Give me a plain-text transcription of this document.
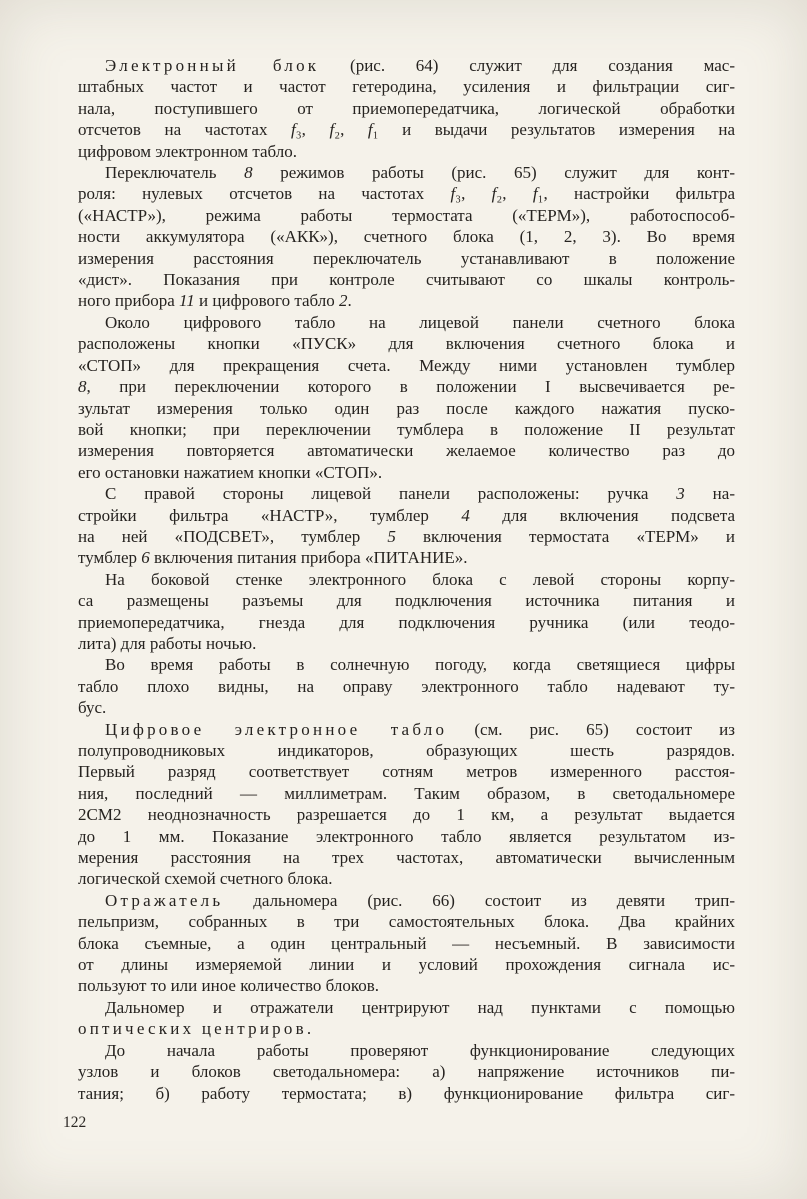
Электронный блок (рис. 64) служит для создания мас-
штабных частот и частот гетеродина, усиления и фильтрации сиг-
нала, поступившего от приемопередатчика, логической обработки
отсчетов на частотах f₃, f₂, f₁ и выдачи результатов измерения на
цифровом электронном табло.
Переключатель 8 режимов работы (рис. 65) служит для конт-
роля: нулевых отсчетов на частотах f₃, f₂, f₁, настройки фильтра
(«НАСТР»), режима работы термостата («ТЕРМ»), работоспособ-
ности аккумулятора («АКК»), счетного блока (1, 2, 3). Во время
измерения расстояния переключатель устанавливают в положение
«дист». Показания при контроле считывают со шкалы контроль-
ного прибора 11 и цифрового табло 2.
Около цифрового табло на лицевой панели счетного блока
расположены кнопки «ПУСК» для включения счетного блока и
«СТОП» для прекращения счета. Между ними установлен тумблер
8, при переключении которого в положении I высвечивается ре-
зультат измерения только один раз после каждого нажатия пуско-
вой кнопки; при переключении тумблера в положение II результат
измерения повторяется автоматически желаемое количество раз до
его остановки нажатием кнопки «СТОП».
С правой стороны лицевой панели расположены: ручка 3 на-
стройки фильтра «НАСТР», тумблер 4 для включения подсвета
на ней «ПОДСВЕТ», тумблер 5 включения термостата «ТЕРМ» и
тумблер 6 включения питания прибора «ПИТАНИЕ».
На боковой стенке электронного блока с левой стороны корпу-
са размещены разъемы для подключения источника питания и
приемопередатчика, гнезда для подключения ручника (или теодо-
лита) для работы ночью.
Во время работы в солнечную погоду, когда светящиеся цифры
табло плохо видны, на оправу электронного табло надевают ту-
бус.
Цифровое электронное табло (см. рис. 65) состоит из
полупроводниковых индикаторов, образующих шесть разрядов.
Первый разряд соответствует сотням метров измеренного расстоя-
ния, последний — миллиметрам. Таким образом, в светодальномере
2СМ2 неоднозначность разрешается до 1 км, а результат выдается
до 1 мм. Показание электронного табло является результатом из-
мерения расстояния на трех частотах, автоматически вычисленным
логической схемой счетного блока.
Отражатель дальномера (рис. 66) состоит из девяти трип-
пельпризм, собранных в три самостоятельных блока. Два крайних
блока съемные, а один центральный — несъемный. В зависимости
от длины измеряемой линии и условий прохождения сигнала ис-
пользуют то или иное количество блоков.
Дальномер и отражатели центрируют над пунктами с помощью
оптических центриров.
До начала работы проверяют функционирование следующих
узлов и блоков светодальномера: а) напряжение источников пи-
тания; б) работу термостата; в) функционирование фильтра сиг-
122
